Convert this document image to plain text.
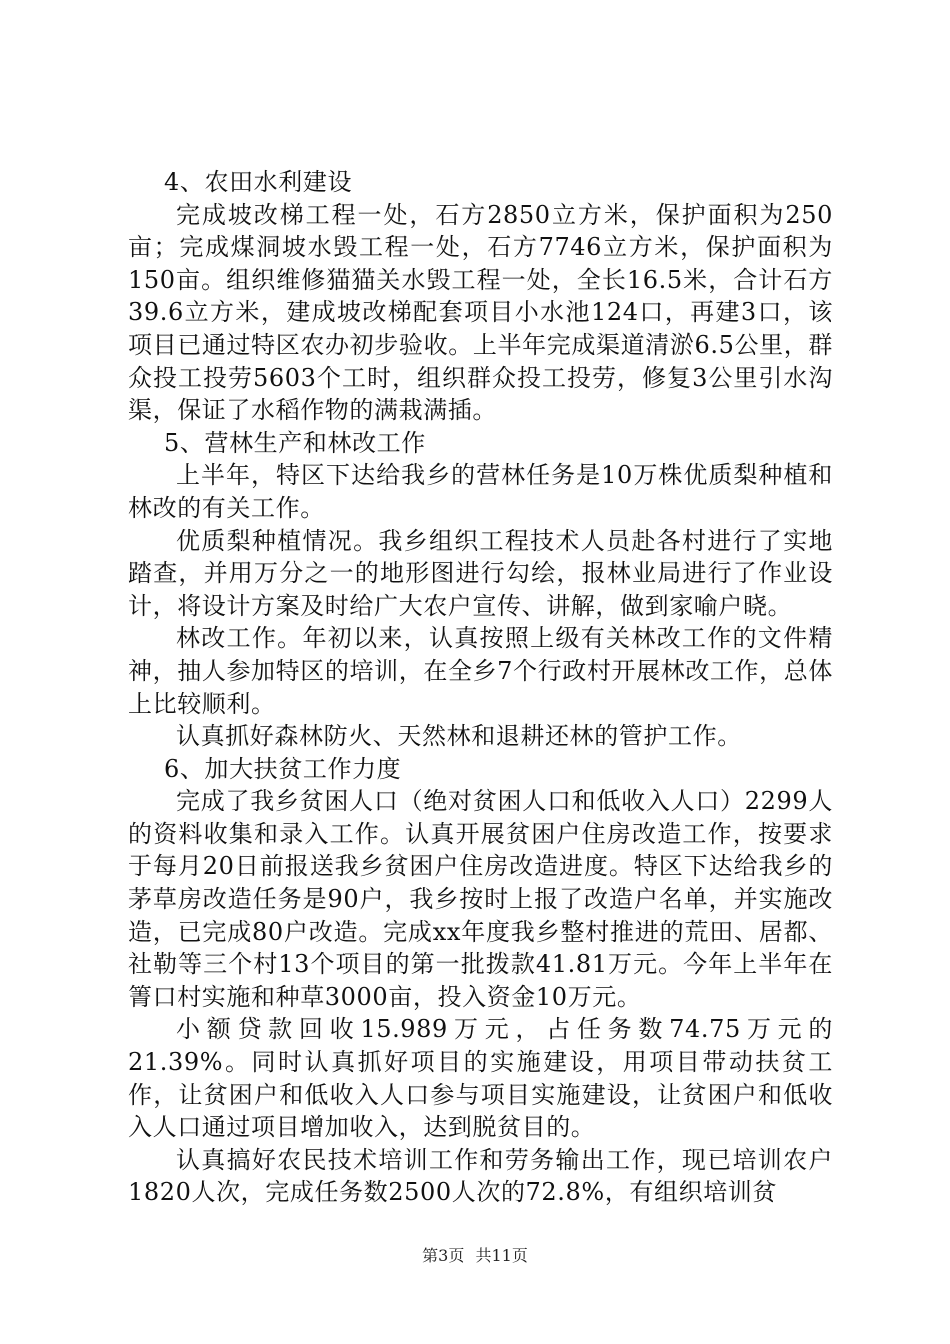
4、农田水利建设

完成坡改梯工程一处，石方2850立方米，保护面积为250亩；完成煤洞坡水毁工程一处，石方7746立方米，保护面积为150亩。组织维修猫猫关水毁工程一处，全长16.5米，合计石方39.6立方米，建成坡改梯配套项目小水池124口，再建3口，该项目已通过特区农办初步验收。上半年完成渠道清淤6.5公里，群众投工投劳5603个工时，组织群众投工投劳，修复3公里引水沟渠，保证了水稻作物的满栽满插。

5、营林生产和林改工作

上半年，特区下达给我乡的营林任务是10万株优质梨种植和林改的有关工作。

优质梨种植情况。我乡组织工程技术人员赴各村进行了实地踏查，并用万分之一的地形图进行勾绘，报林业局进行了作业设计，将设计方案及时给广大农户宣传、讲解，做到家喻户晓。

林改工作。年初以来，认真按照上级有关林改工作的文件精神，抽人参加特区的培训，在全乡7个行政村开展林改工作，总体上比较顺利。

认真抓好森林防火、天然林和退耕还林的管护工作。

6、加大扶贫工作力度

完成了我乡贫困人口（绝对贫困人口和低收入人口）2299人的资料收集和录入工作。认真开展贫困户住房改造工作，按要求于每月20日前报送我乡贫困户住房改造进度。特区下达给我乡的茅草房改造任务是90户，我乡按时上报了改造户名单，并实施改造，已完成80户改造。完成xx年度我乡整村推进的荒田、居都、社勒等三个村13个项目的第一批拨款41.81万元。今年上半年在箐口村实施和种草3000亩，投入资金10万元。

小额贷款回收15.989万元，占任务数74.75万元的21.39%。同时认真抓好项目的实施建设，用项目带动扶贫工作，让贫困户和低收入人口参与项目实施建设，让贫困户和低收入人口通过项目增加收入，达到脱贫目的。

认真搞好农民技术培训工作和劳务输出工作，现已培训农户1820人次，完成任务数2500人次的72.8%，有组织培训贫

第3页 共11页
